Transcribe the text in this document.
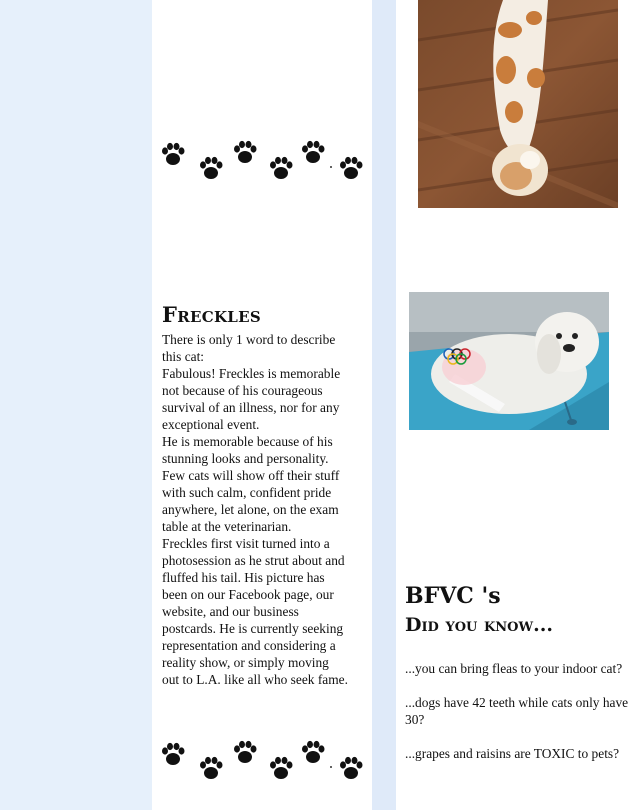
Freckles
There is only 1 word to describe
this cat:
Fabulous! Freckles is memorable
not because of his courageous
survival of an illness, nor for any
exceptional event.
He is memorable because of his
stunning looks and personality.
Few cats will show off their stuff
with such calm, confident pride
anywhere, let alone, on the exam
table at the veterinarian.
Freckles first visit turned into a
photosession as he strut about and
fluffed his tail. His picture has
been on our Facebook page, our
website, and our business
postcards. He is currently seeking
representation and considering a
reality show, or simply moving
out to L.A. like all who seek fame.
BFVC 's
Did you know...
...you can bring fleas to your indoor cat?
...dogs have 42 teeth while cats only have 30?
...grapes and raisins are TOXIC to pets?
